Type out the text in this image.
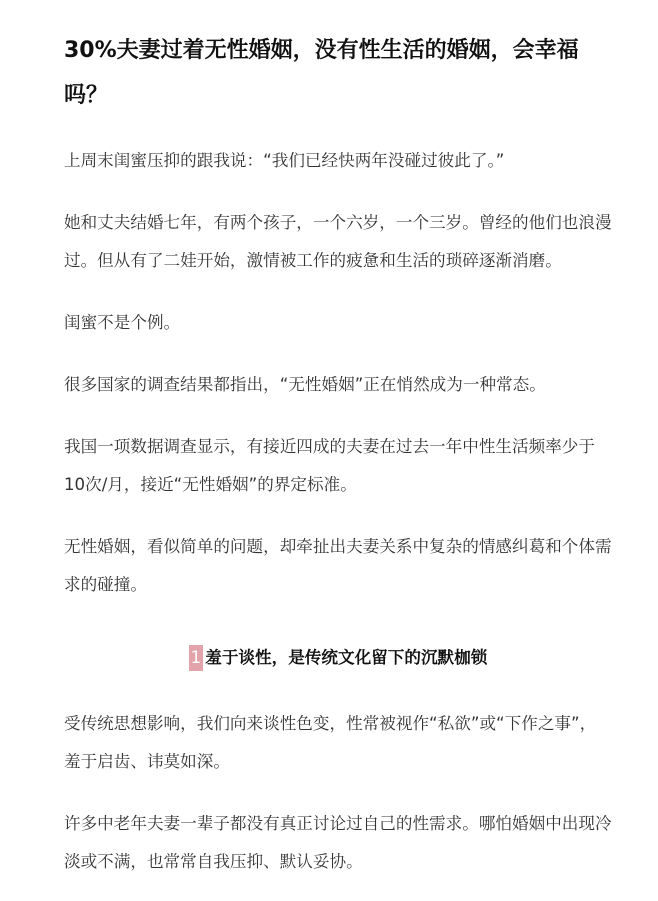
30%夫妻过着无性婚姻，没有性生活的婚姻，会幸福吗？

上周末闺蜜压抑的跟我说：“我们已经快两年没碰过彼此了。”

她和丈夫结婚七年，有两个孩子，一个六岁，一个三岁。曾经的他们也浪漫过。但从有了二娃开始，激情被工作的疲惫和生活的琐碎逐渐消磨。

闺蜜不是个例。

很多国家的调查结果都指出，“无性婚姻”正在悄然成为一种常态。

我国一项数据调查显示，有接近四成的夫妻在过去一年中性生活频率少于10次/月，接近“无性婚姻”的界定标准。

无性婚姻，看似简单的问题，却牵扯出夫妻关系中复杂的情感纠葛和个体需求的碰撞。

1 羞于谈性，是传统文化留下的沉默枷锁

受传统思想影响，我们向来谈性色变，性常被视作“私欲”或“下作之事”，羞于启齿、讳莫如深。

许多中老年夫妻一辈子都没有真正讨论过自己的性需求。哪怕婚姻中出现冷淡或不满，也常常自我压抑、默认妥协。
